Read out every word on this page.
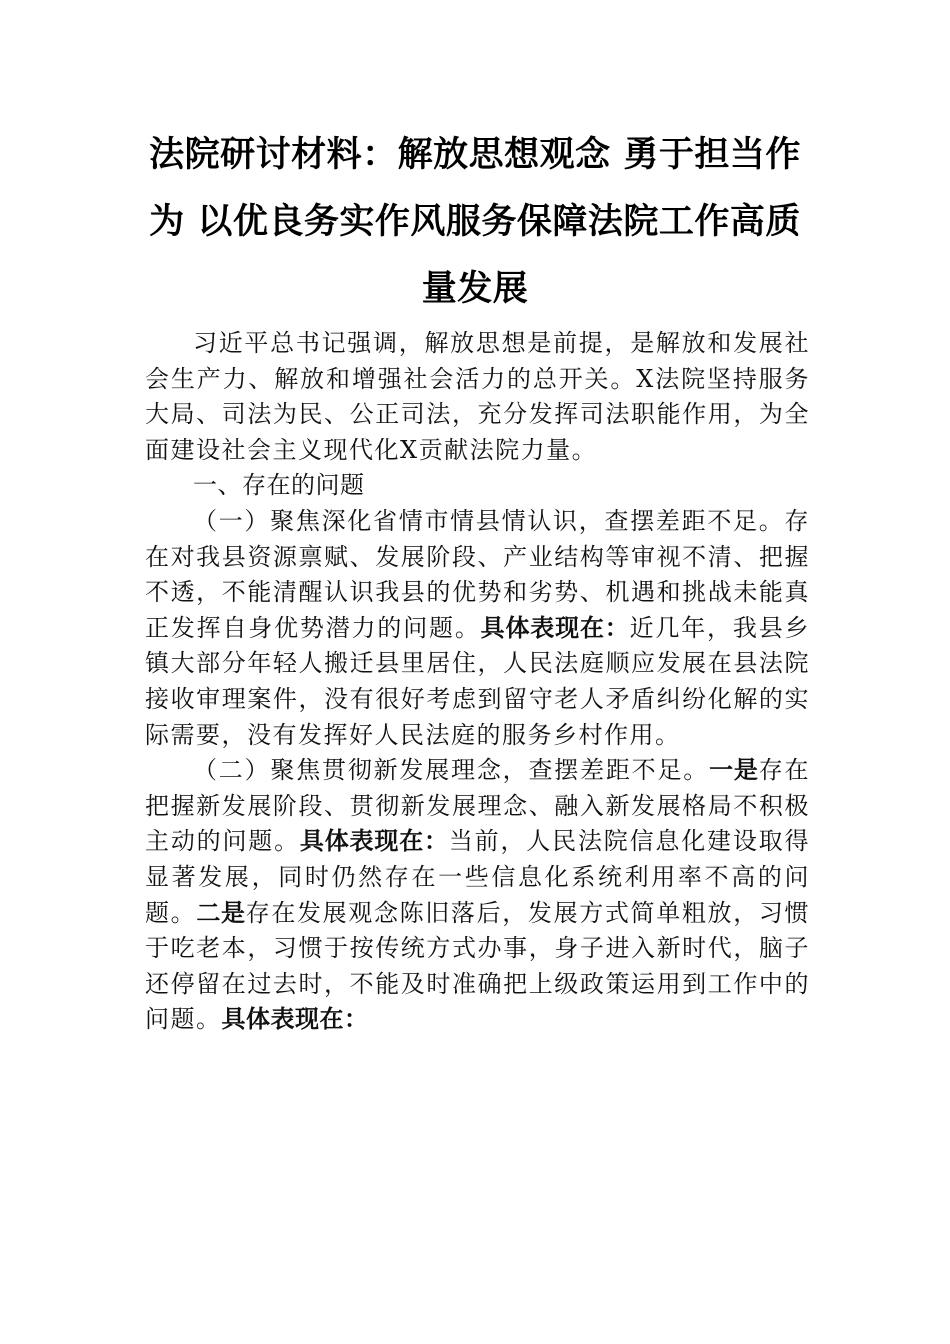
法院研讨材料：解放思想观念 勇于担当作为 以优良务实作风服务保障法院工作高质量发展

习近平总书记强调，解放思想是前提，是解放和发展社会生产力、解放和增强社会活力的总开关。X法院坚持服务大局、司法为民、公正司法，充分发挥司法职能作用，为全面建设社会主义现代化X贡献法院力量。

一、存在的问题

（一）聚焦深化省情市情县情认识，查摆差距不足。存在对我县资源禀赋、发展阶段、产业结构等审视不清、把握不透，不能清醒认识我县的优势和劣势、机遇和挑战未能真正发挥自身优势潜力的问题。具体表现在：近几年，我县乡镇大部分年轻人搬迁县里居住，人民法庭顺应发展在县法院接收审理案件，没有很好考虑到留守老人矛盾纠纷化解的实际需要，没有发挥好人民法庭的服务乡村作用。

（二）聚焦贯彻新发展理念，查摆差距不足。一是存在把握新发展阶段、贯彻新发展理念、融入新发展格局不积极主动的问题。具体表现在：当前，人民法院信息化建设取得显著发展，同时仍然存在一些信息化系统利用率不高的问题。二是存在发展观念陈旧落后，发展方式简单粗放，习惯于吃老本，习惯于按传统方式办事，身子进入新时代，脑子还停留在过去时，不能及时准确把上级政策运用到工作中的问题。具体表现在：
